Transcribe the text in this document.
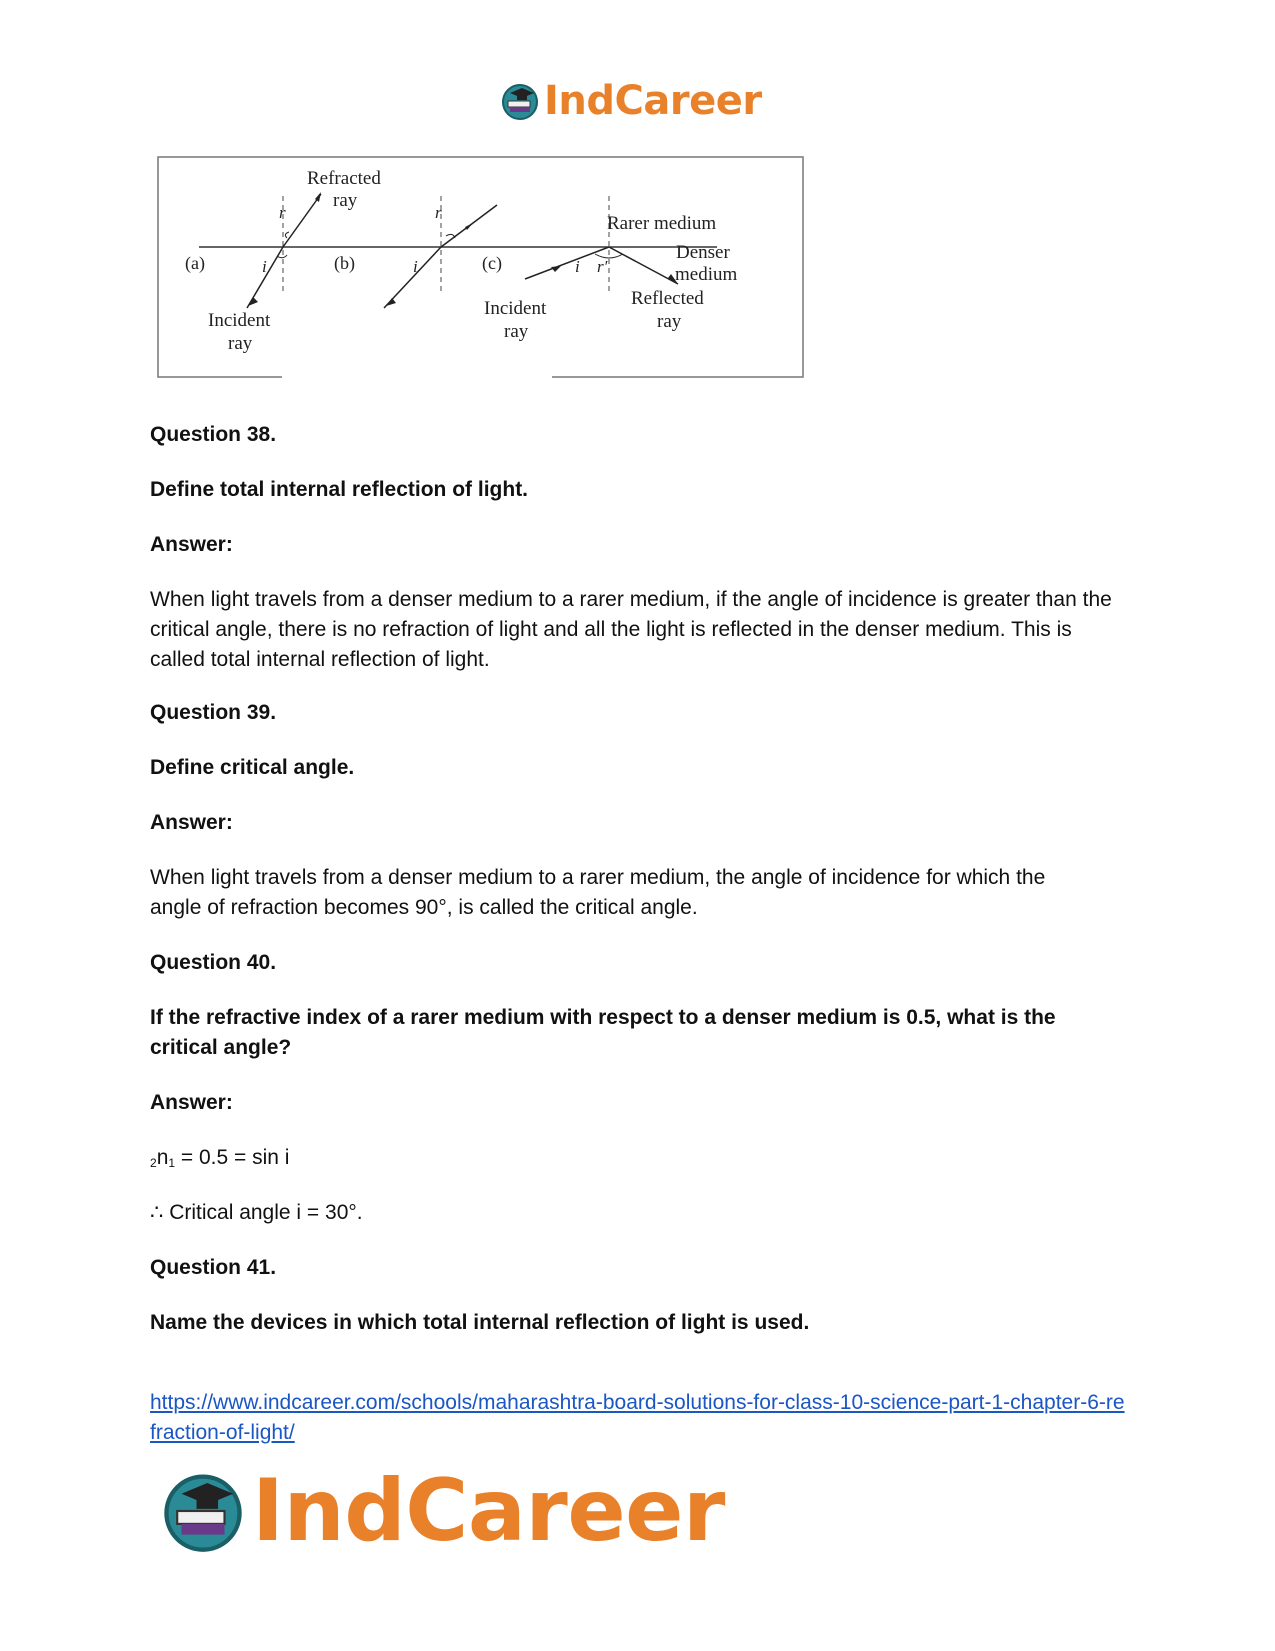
IndCareer
Refracted
ray
r	r
(a)	(b)	(c)
i	i	i r′
Rarer medium
Denser
medium
Reflected
ray
Incident
ray
Incident
ray

Question 38.

Define total internal reflection of light.

Answer:

When light travels from a denser medium to a rarer medium, if the angle of incidence is greater than the critical angle, there is no refraction of light and all the light is reflected in the denser medium. This is called total internal reflection of light.

Question 39.

Define critical angle.

Answer:

When light travels from a denser medium to a rarer medium, the angle of incidence for which the angle of refraction becomes 90°, is called the critical angle.

Question 40.

If the refractive index of a rarer medium with respect to a denser medium is 0.5, what is the critical angle?

Answer:

$_2n_1 = 0.5 = \sin i$

∴ Critical angle i = 30°.

Question 41.

Name the devices in which total internal reflection of light is used.

https://www.indcareer.com/schools/maharashtra-board-solutions-for-class-10-science-part-1-chapter-6-refraction-of-light/

IndCareer
